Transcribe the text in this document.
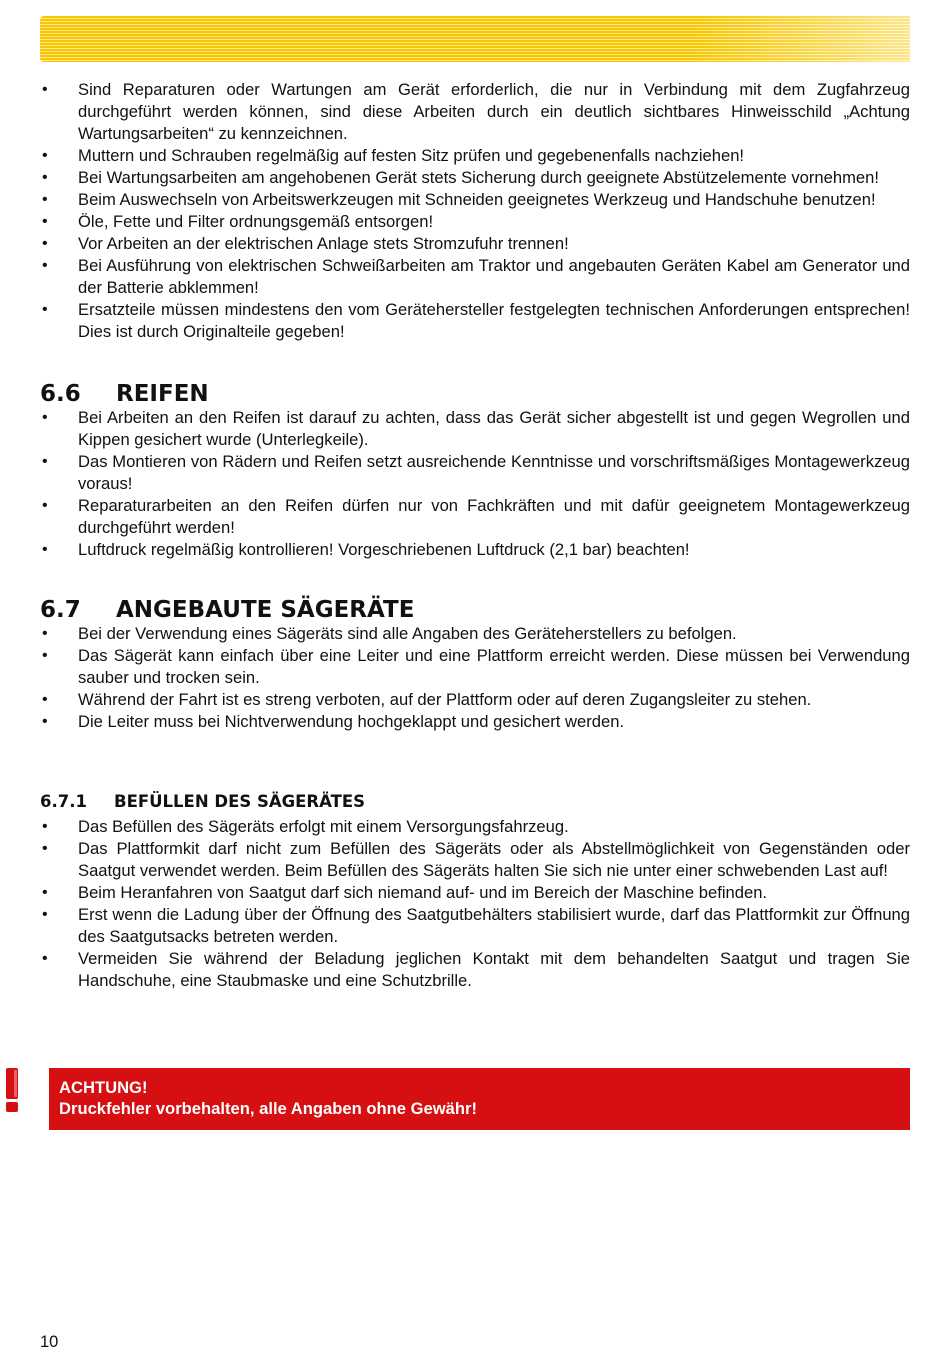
• Sind Reparaturen oder Wartungen am Gerät erforderlich, die nur in Verbindung mit dem Zugfahrzeug durchgeführt werden können, sind diese Arbeiten durch ein deutlich sichtbares Hinweisschild „Achtung Wartungsarbeiten“ zu kennzeichnen.
• Muttern und Schrauben regelmäßig auf festen Sitz prüfen und gegebenenfalls nachziehen!
• Bei Wartungsarbeiten am angehobenen Gerät stets Sicherung durch geeignete Abstützelemente vornehmen!
• Beim Auswechseln von Arbeitswerkzeugen mit Schneiden geeignetes Werkzeug und Handschuhe benutzen!
• Öle, Fette und Filter ordnungsgemäß entsorgen!
• Vor Arbeiten an der elektrischen Anlage stets Stromzufuhr trennen!
• Bei Ausführung von elektrischen Schweißarbeiten am Traktor und angebauten Geräten Kabel am Generator und der Batterie abklemmen!
• Ersatzteile müssen mindestens den vom Gerätehersteller festgelegten technischen Anforderungen entsprechen! Dies ist durch Originalteile gegeben!
6.6 REIFEN
• Bei Arbeiten an den Reifen ist darauf zu achten, dass das Gerät sicher abgestellt ist und gegen Wegrollen und Kippen gesichert wurde (Unterlegkeile).
• Das Montieren von Rädern und Reifen setzt ausreichende Kenntnisse und vorschriftsmäßiges Montagewerkzeug voraus!
• Reparaturarbeiten an den Reifen dürfen nur von Fachkräften und mit dafür geeignetem Montagewerkzeug durchgeführt werden!
• Luftdruck regelmäßig kontrollieren! Vorgeschriebenen Luftdruck (2,1 bar) beachten!
6.7 ANGEBAUTE SÄGERÄTE
• Bei der Verwendung eines Sägeräts sind alle Angaben des Geräteherstellers zu befolgen.
• Das Sägerät kann einfach über eine Leiter und eine Plattform erreicht werden. Diese müssen bei Verwendung sauber und trocken sein.
• Während der Fahrt ist es streng verboten, auf der Plattform oder auf deren Zugangsleiter zu stehen.
• Die Leiter muss bei Nichtverwendung hochgeklappt und gesichert werden.
6.7.1 BEFÜLLEN DES SÄGERÄTES
• Das Befüllen des Sägeräts erfolgt mit einem Versorgungsfahrzeug.
• Das Plattformkit darf nicht zum Befüllen des Sägeräts oder als Abstellmöglichkeit von Gegenständen oder Saatgut verwendet werden. Beim Befüllen des Sägeräts halten Sie sich nie unter einer schwebenden Last auf!
• Beim Heranfahren von Saatgut darf sich niemand auf- und im Bereich der Maschine befinden.
• Erst wenn die Ladung über der Öffnung des Saatgutbehälters stabilisiert wurde, darf das Plattformkit zur Öffnung des Saatgutsacks betreten werden.
• Vermeiden Sie während der Beladung jeglichen Kontakt mit dem behandelten Saatgut und tragen Sie Handschuhe, eine Staubmaske und eine Schutzbrille.
ACHTUNG!
Druckfehler vorbehalten, alle Angaben ohne Gewähr!
10
